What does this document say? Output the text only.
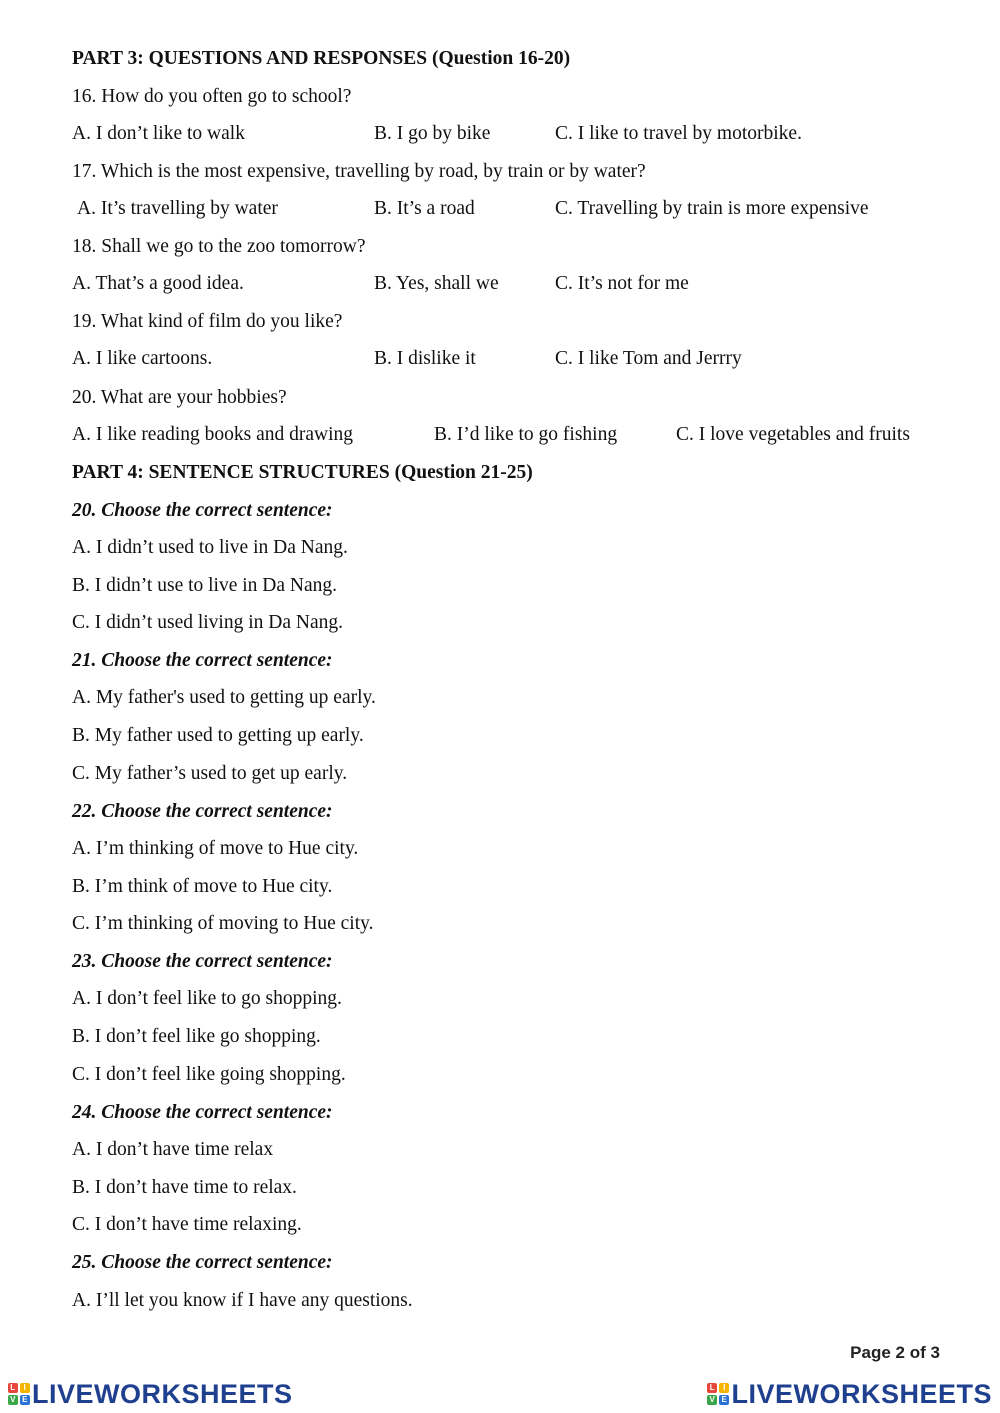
PART 3: QUESTIONS AND RESPONSES (Question 16-20)
16. How do you often go to school?
A. I don’t like to walk	B. I go by bike	C. I like to travel by motorbike.
17. Which is the most expensive, travelling by road, by train or by water?
A. It’s travelling by water	B. It’s a road	C. Travelling by train is more expensive
18. Shall we go to the zoo tomorrow?
A. That’s a good idea.	B. Yes, shall we	C. It’s not for me
19. What kind of film do you like?
A. I like cartoons.	B. I dislike it	C. I like Tom and Jerrry
20. What are your hobbies?
A. I like reading books and drawing	B. I’d like to go fishing	C. I love vegetables and fruits
PART 4: SENTENCE STRUCTURES (Question 21-25)
20. Choose the correct sentence:
A. I didn’t used to live in Da Nang.
B. I didn’t use to live in Da Nang.
C. I didn’t used living in Da Nang.
21. Choose the correct sentence:
A. My father's used to getting up early.
B. My father used to getting up early.
C. My father’s used to get up early.
22. Choose the correct sentence:
A. I’m thinking of move to Hue city.
B. I’m think of move to Hue city.
C. I’m thinking of moving to Hue city.
23. Choose the correct sentence:
A. I don’t feel like to go shopping.
B. I don’t feel like go shopping.
C. I don’t feel like going shopping.
24. Choose the correct sentence:
A. I don’t have time relax
B. I don’t have time to relax.
C. I don’t have time relaxing.
25. Choose the correct sentence:
A. I’ll let you know if I have any questions.
Page 2 of 3
L I
V E LIVEWORKSHEETS	L I
V E LIVEWORKSHEETS
